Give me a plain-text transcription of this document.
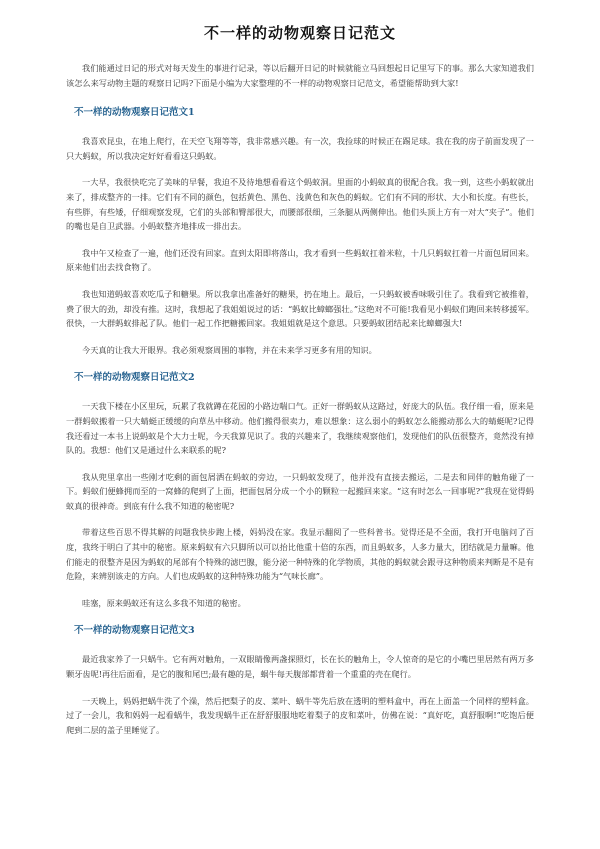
不一样的动物观察日记范文

我们能通过日记的形式对每天发生的事进行记录，等以后翻开日记的时候就能立马回想起日记里写下的事。那么大家知道我们该怎么来写动物主题的观察日记吗?下面是小编为大家整理的不一样的动物观察日记范文，希望能帮助到大家!

不一样的动物观察日记范文1

我喜欢昆虫，在地上爬行，在天空飞翔等等，我非常感兴趣。有一次，我捡球的时候正在踢足球。我在我的房子前面发现了一只大蚂蚁，所以我决定好好看看这只蚂蚁。

一大早，我很快吃完了美味的早餐，我迫不及待地想看看这个蚂蚁洞。里面的小蚂蚁真的很配合我。我一到，这些小蚂蚁就出来了，排成整齐的一排。它们有不同的颜色，包括黄色、黑色、浅黄色和灰色的蚂蚁。它们有不同的形状、大小和长度。有些长，有些胖，有些矮，仔细观察发现，它们的头部和臀部很大，而腰部很细，三条腿从两侧伸出。他们头顶上方有一对大“夹子”。他们的嘴也是自卫武器。小蚂蚁整齐地排成一排出去。

我中午又检查了一遍，他们还没有回家。直到太阳即将落山，我才看到一些蚂蚁扛着米粒，十几只蚂蚁扛着一片面包屑回来。原来他们出去找食物了。

我也知道蚂蚁喜欢吃瓜子和糖果。所以我拿出准备好的糖果，扔在地上。最后，一只蚂蚁被香味吸引住了。我看到它被推着，费了很大的劲，却没有推。这时，我想起了我姐姐说过的话：“蚂蚁比蟑螂强壮。”这绝对不可能!我看见小蚂蚁们跑回来转移援军。很快，一大群蚂蚁排起了队。他们一起工作把糖搬回家。我姐姐就是这个意思。只要蚂蚁团结起来比蟑螂强大!

今天真的让我大开眼界。我必须观察周围的事物，并在未来学习更多有用的知识。

不一样的动物观察日记范文2

一天我下楼在小区里玩，玩累了我就蹲在花园的小路边喘口气。正好一群蚂蚁从这路过，好庞大的队伍。我仔细一看，原来是一群蚂蚁搬着一只大蜻蜓正缓缓的向草丛中移动。他们搬得很卖力，难以想象：这么弱小的蚂蚁怎么能搬动那么大的蜻蜓呢?记得我还看过一本书上说蚂蚁是个大力士呢，今天我算见识了。我的兴趣来了，我继续观察他们，发现他们的队伍很整齐，竟然没有掉队的。我想：他们又是通过什么来联系的呢?

我从兜里拿出一些刚才吃剩的面包屑洒在蚂蚁的旁边，一只蚂蚁发现了，他并没有直接去搬运，二是去和同伴的触角碰了一下。蚂蚁们便蜂拥而至的一窝蜂的爬到了上面，把面包屑分成一个小的颗粒一起搬回来家。“这有时怎么一回事呢?”我现在觉得蚂蚁真的很神奇。到底有什么我不知道的秘密呢?

带着这些百思不得其解的问题我快步跑上楼，妈妈没在家。我显示翻阅了一些科普书。觉得还是不全面，我打开电脑问了百度，我终于明白了其中的秘密。原来蚂蚁有六只脚所以可以抬比他重十倍的东西，而且蚂蚁多，人多力量大，团结就是力量嘛。他们能走的很整齐是因为蚂蚁的尾部有个特殊的滤巴腺，能分泌一种特殊的化学物质，其他的蚂蚁就会跟寻这种物质来判断是不是有危险，来辨别该走的方向。人们也成蚂蚁的这种特殊功能为“气味长廊”。

哇塞，原来蚂蚁还有这么多我不知道的秘密。

不一样的动物观察日记范文3

最近我家养了一只蜗牛。它有两对触角，一双眼睛像两盏探照灯，长在长的触角上，令人惊奇的是它的小嘴巴里居然有两万多颗牙齿呢!再往后面看，是它的腹和尾巴;最有趣的是，蜗牛每天腹部都背着一个重重的壳在爬行。

一天晚上，妈妈把蜗牛洗了个澡，然后把梨子的皮、菜叶、蜗牛等先后放在透明的塑料盒中，再在上面盖一个同样的塑料盒。过了一会儿，我和妈妈一起看蜗牛，我发现蜗牛正在舒舒服服地吃着梨子的皮和菜叶，仿佛在说：“真好吃，真舒服啊!”吃饱后便爬到二层的盖子里睡觉了。
